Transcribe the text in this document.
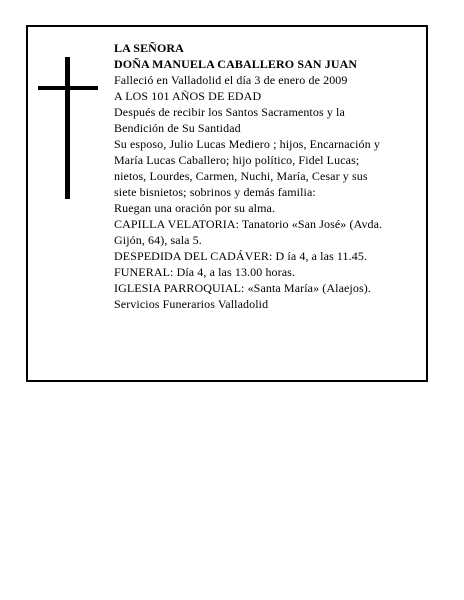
LA SEÑORA
DOÑA MANUELA CABALLERO SAN JUAN
Falleció en Valladolid el día 3 de enero de 2009
A LOS 101 AÑOS DE EDAD
Después de recibir los Santos Sacramentos y la
Bendición de Su Santidad
Su esposo, Julio Lucas Mediero ; hijos, Encarnación y
María Lucas Caballero; hijo político, Fidel Lucas;
nietos, Lourdes, Carmen, Nuchi, María, Cesar y sus
siete bisnietos; sobrinos y demás familia:
Ruegan una oración por su alma.
CAPILLA VELATORIA: Tanatorio «San José» (Avda.
Gijón, 64), sala 5.
DESPEDIDA DEL CADÁVER: D ía 4, a las 11.45.
FUNERAL: Día 4, a las 13.00 horas.
IGLESIA PARROQUIAL: «Santa María» (Alaejos).
Servicios Funerarios Valladolid
